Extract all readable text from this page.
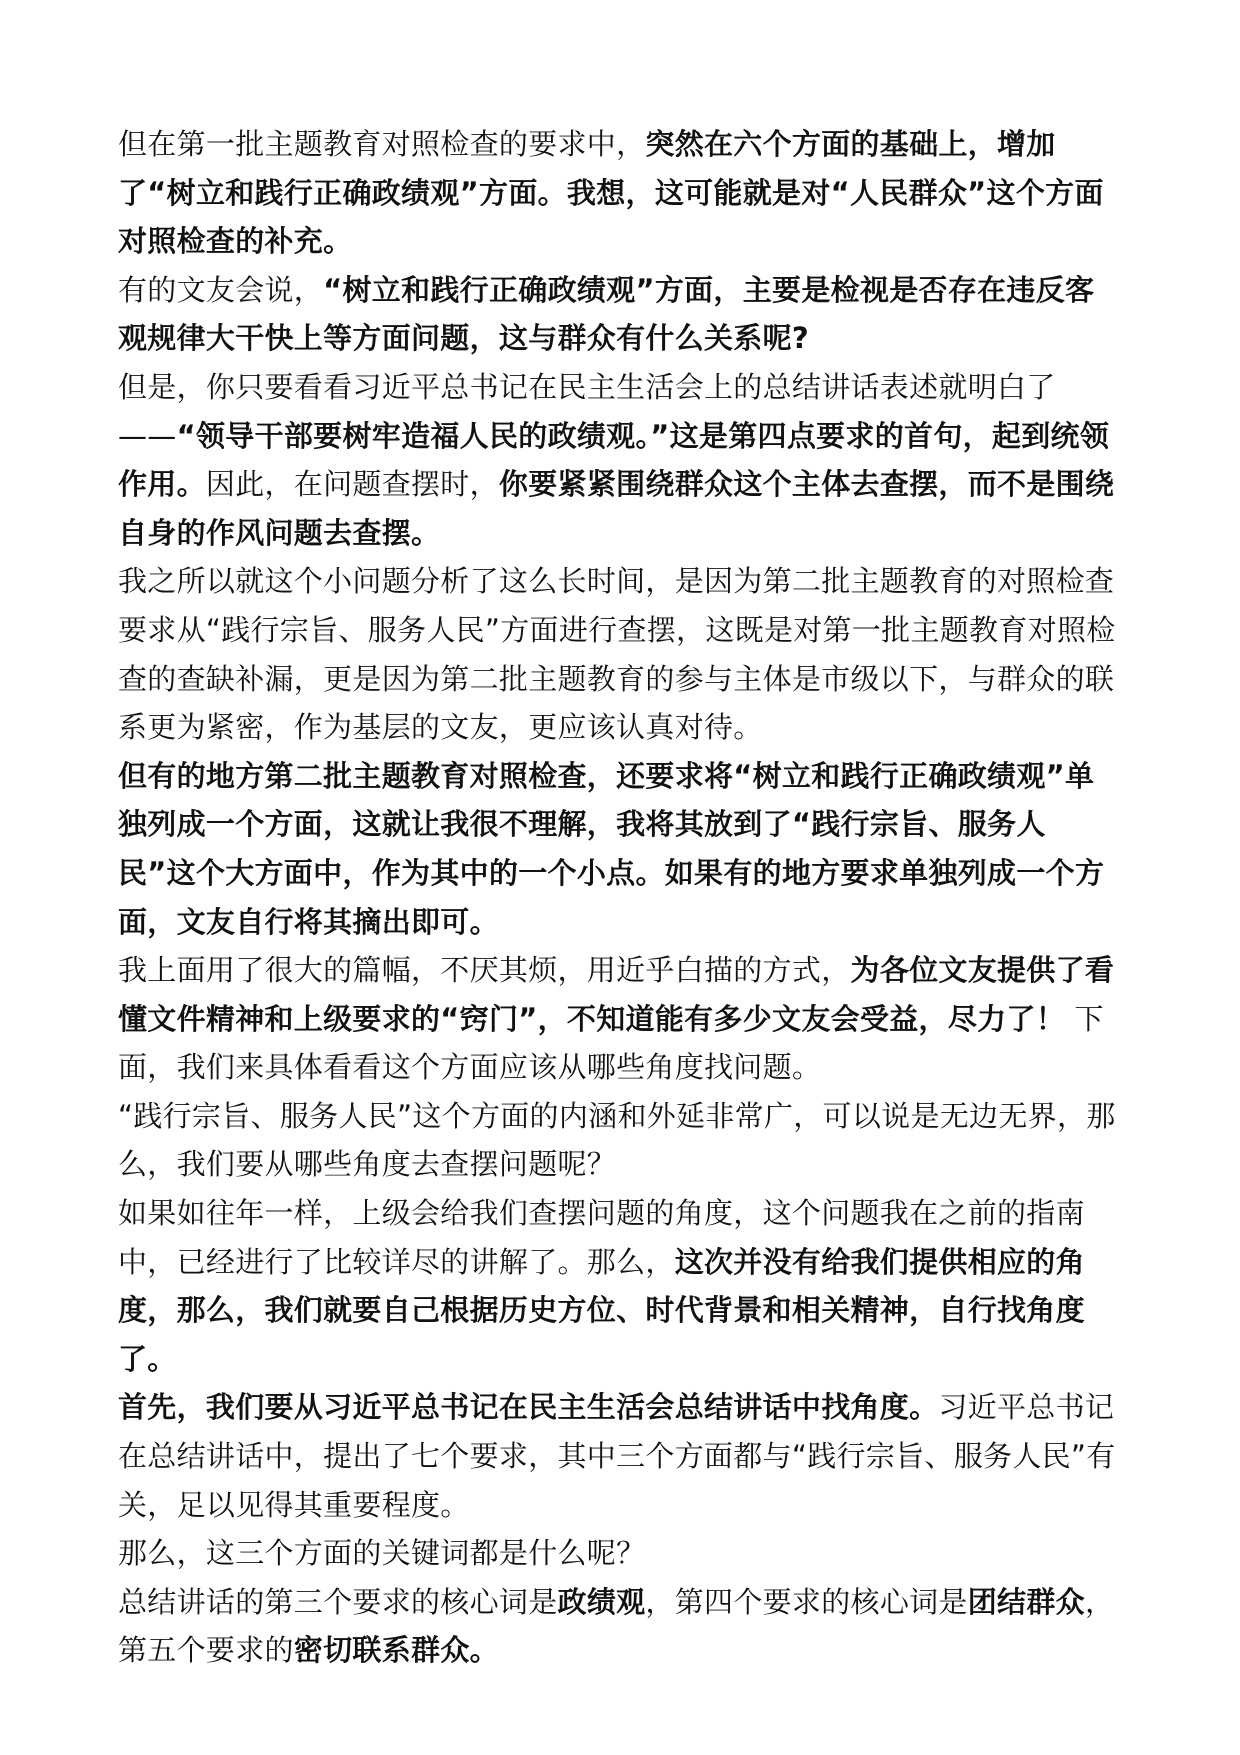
但在第一批主题教育对照检查的要求中，突然在六个方面的基础上，增加了“树立和践行正确政绩观”方面。我想，这可能就是对“人民群众”这个方面对照检查的补充。

有的文友会说，“树立和践行正确政绩观”方面，主要是检视是否存在违反客观规律大干快上等方面问题，这与群众有什么关系呢?

但是，你只要看看习近平总书记在民主生活会上的总结讲话表述就明白了——“领导干部要树牢造福人民的政绩观。”这是第四点要求的首句，起到统领作用。因此，在问题查摆时，你要紧紧围绕群众这个主体去查摆，而不是围绕自身的作风问题去查摆。

我之所以就这个小问题分析了这么长时间，是因为第二批主题教育的对照检查要求从“践行宗旨、服务人民”方面进行查摆，这既是对第一批主题教育对照检查的查缺补漏，更是因为第二批主题教育的参与主体是市级以下，与群众的联系更为紧密，作为基层的文友，更应该认真对待。

但有的地方第二批主题教育对照检查，还要求将“树立和践行正确政绩观”单独列成一个方面，这就让我很不理解，我将其放到了“践行宗旨、服务人民”这个大方面中，作为其中的一个小点。如果有的地方要求单独列成一个方面，文友自行将其摘出即可。

我上面用了很大的篇幅，不厌其烦，用近乎白描的方式，为各位文友提供了看懂文件精神和上级要求的“窍门”，不知道能有多少文友会受益，尽力了！ 下面，我们来具体看看这个方面应该从哪些角度找问题。

“践行宗旨、服务人民”这个方面的内涵和外延非常广，可以说是无边无界，那么，我们要从哪些角度去查摆问题呢？

如果如往年一样，上级会给我们查摆问题的角度，这个问题我在之前的指南中，已经进行了比较详尽的讲解了。那么，这次并没有给我们提供相应的角度，那么，我们就要自己根据历史方位、时代背景和相关精神，自行找角度了。

首先，我们要从习近平总书记在民主生活会总结讲话中找角度。习近平总书记在总结讲话中，提出了七个要求，其中三个方面都与“践行宗旨、服务人民”有关，足以见得其重要程度。

那么，这三个方面的关键词都是什么呢？

总结讲话的第三个要求的核心词是政绩观，第四个要求的核心词是团结群众，第五个要求的密切联系群众。
